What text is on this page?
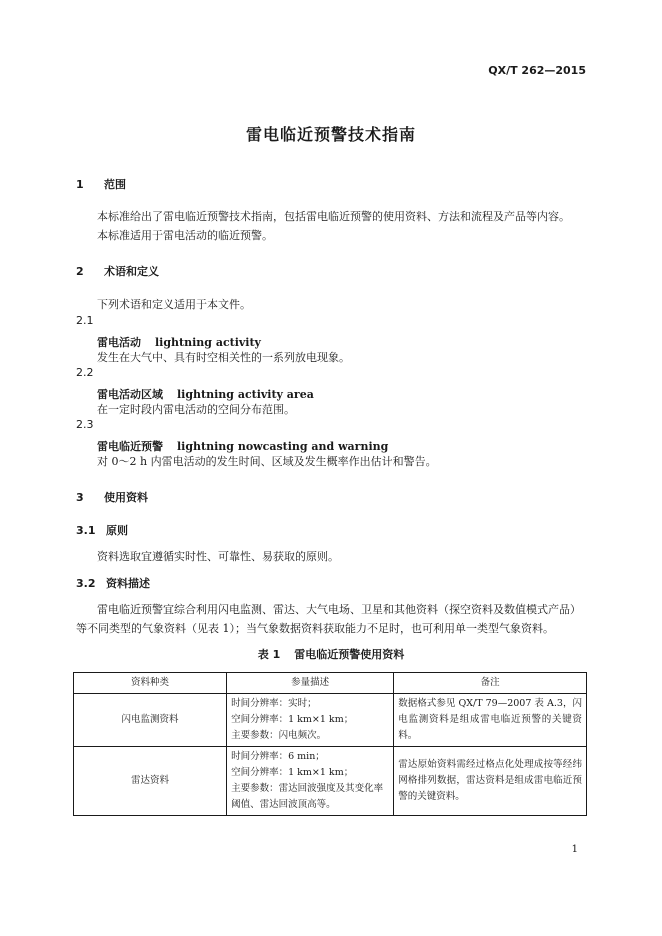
QX/T 262—2015
雷电临近预警技术指南
1 范围
本标准给出了雷电临近预警技术指南，包括雷电临近预警的使用资料、方法和流程及产品等内容。
本标准适用于雷电活动的临近预警。
2 术语和定义
下列术语和定义适用于本文件。
2.1
雷电活动 lightning activity
发生在大气中、具有时空相关性的一系列放电现象。
2.2
雷电活动区域 lightning activity area
在一定时段内雷电活动的空间分布范围。
2.3
雷电临近预警 lightning nowcasting and warning
对 0～2 h 内雷电活动的发生时间、区域及发生概率作出估计和警告。
3 使用资料
3.1 原则
资料选取宜遵循实时性、可靠性、易获取的原则。
3.2 资料描述
雷电临近预警宜综合利用闪电监测、雷达、大气电场、卫星和其他资料（探空资料及数值模式产品）
等不同类型的气象资料（见表 1）；当气象数据资料获取能力不足时，也可利用单一类型气象资料。
表 1 雷电临近预警使用资料
资料种类	参量描述	备注
闪电监测资料	时间分辨率：实时；
空间分辨率：1 km×1 km；
主要参数：闪电频次。	数据格式参见 QX/T 79—2007 表 A.3，闪电监测资料是组成雷电临近预警的关键资料。
雷达资料	时间分辨率：6 min；
空间分辨率：1 km×1 km；
主要参数：雷达回波强度及其变化率
阈值、雷达回波顶高等。	雷达原始资料需经过格点化处理成按等经纬网格排列数据，雷达资料是组成雷电临近预警的关键资料。
1
